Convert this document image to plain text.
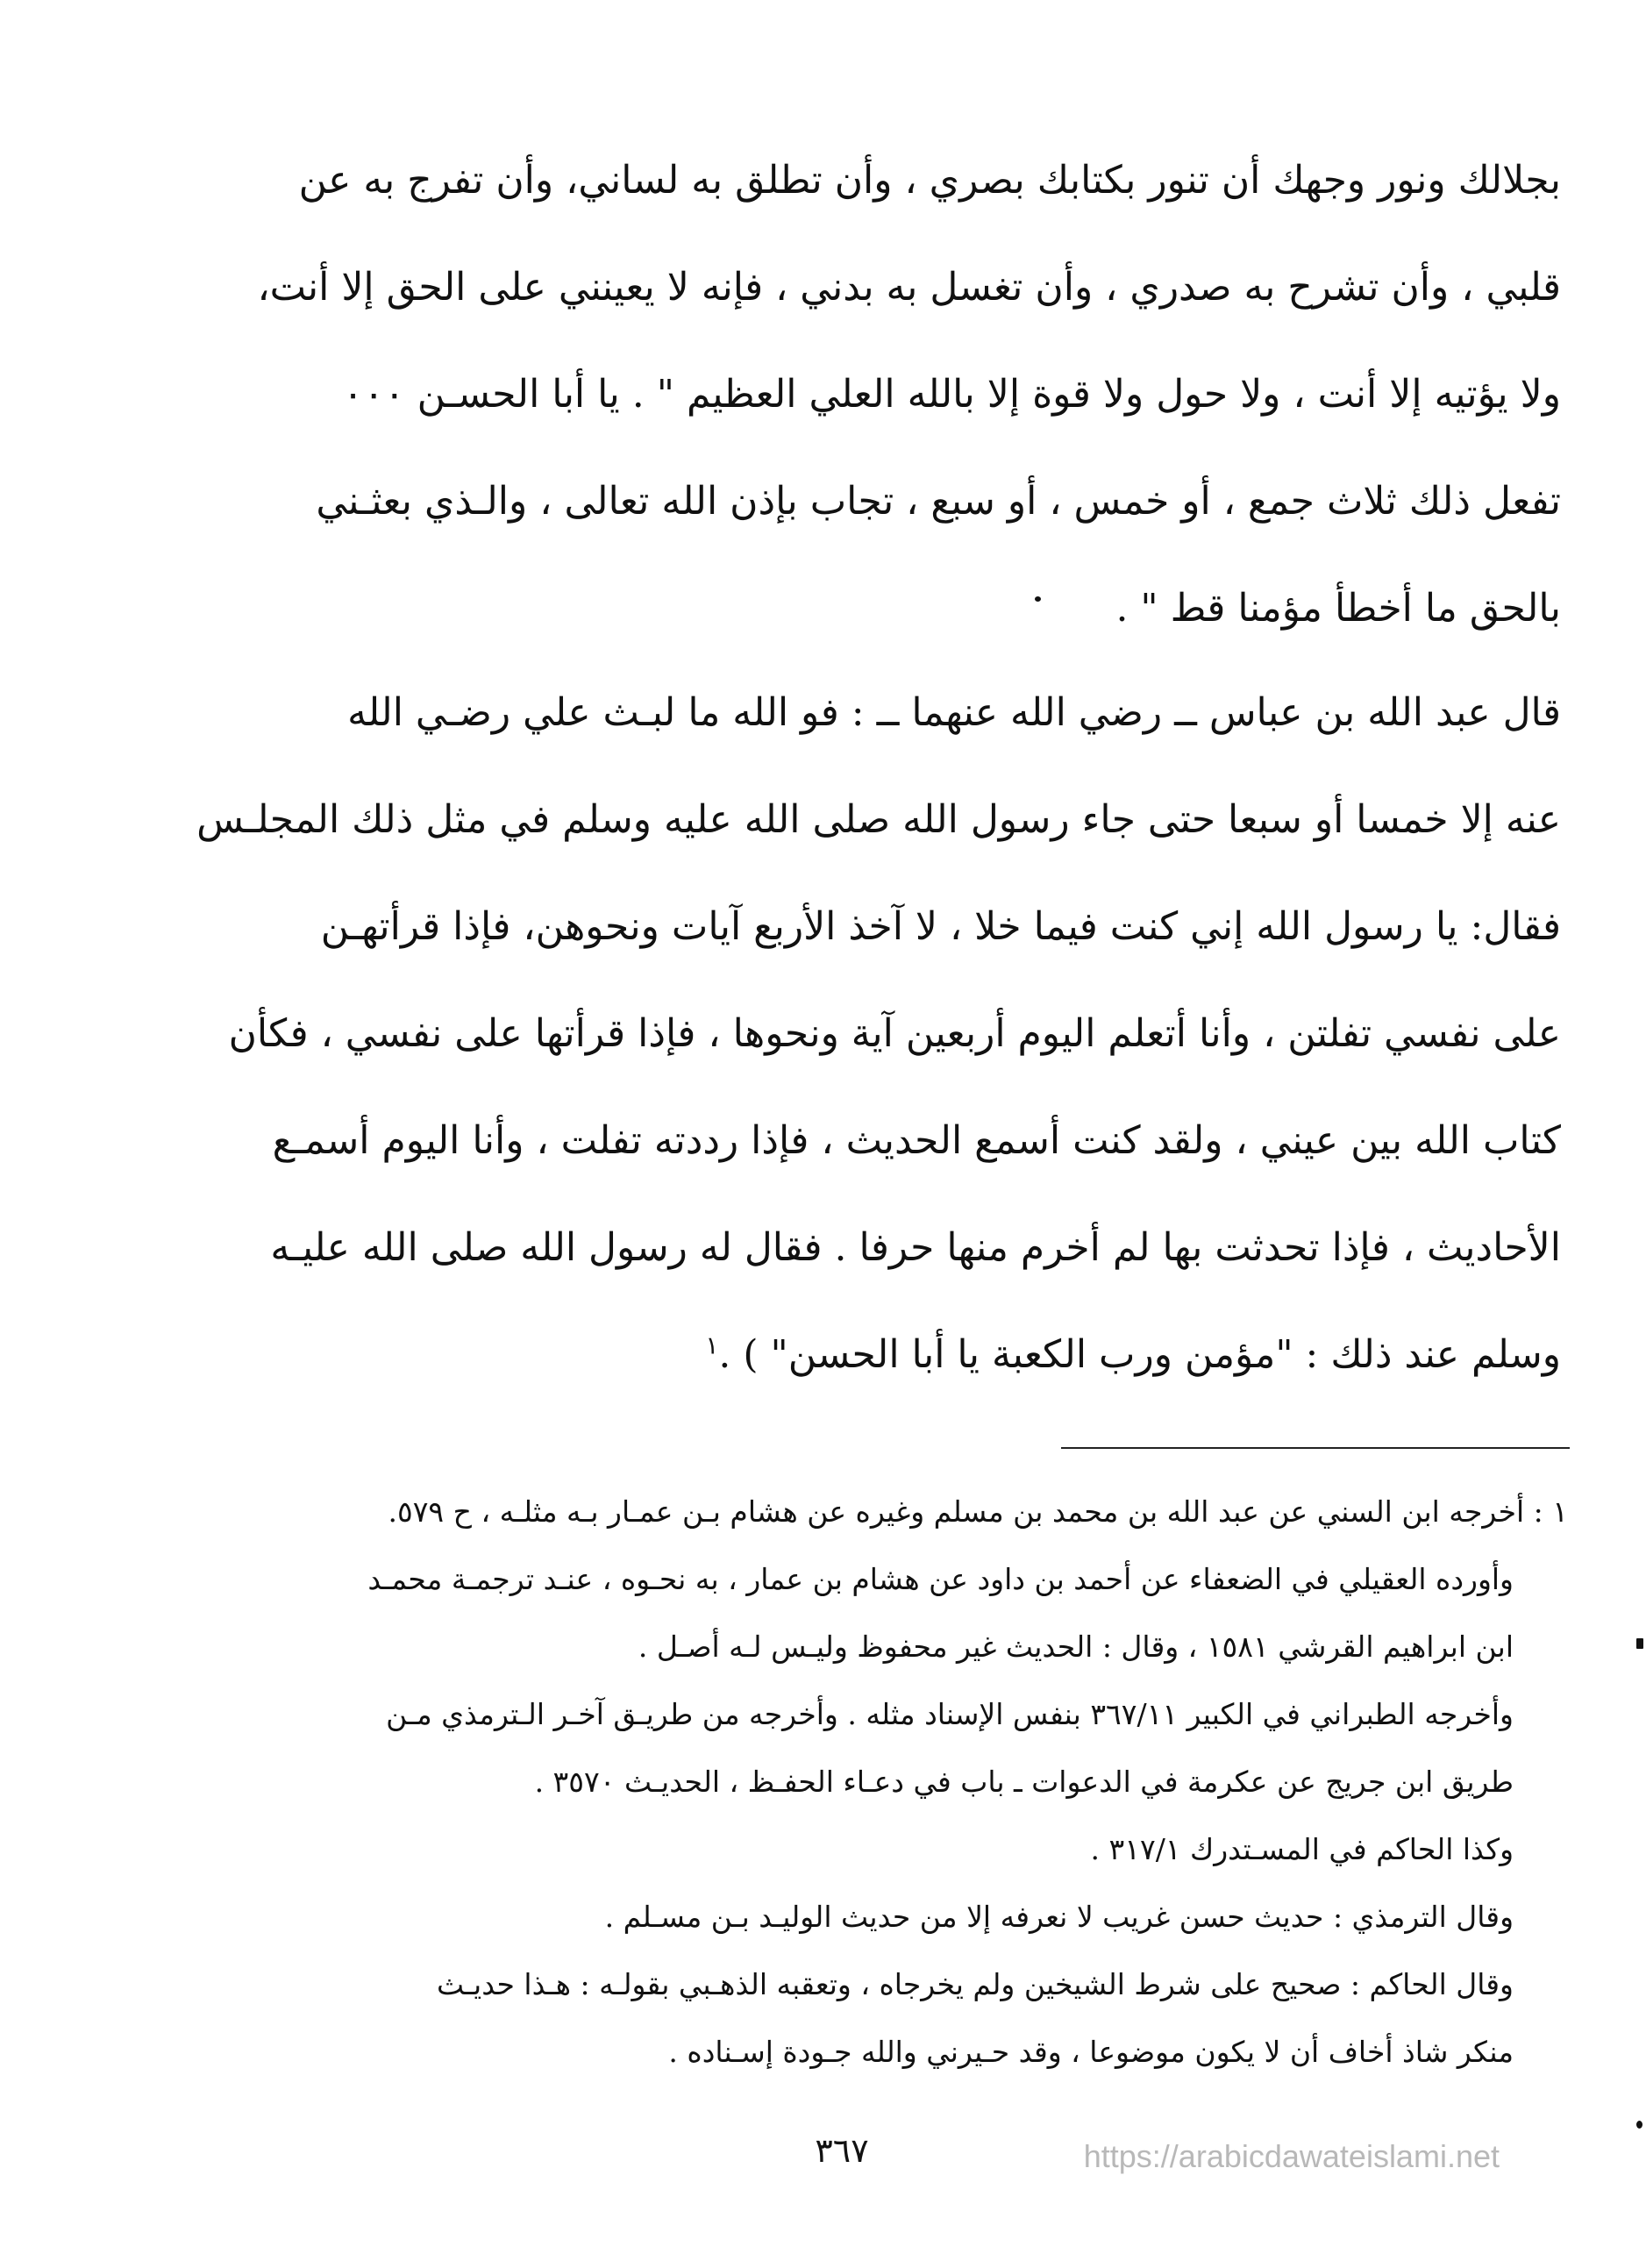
بجلالك ونور وجهك أن تنور بكتابك بصري ، وأن تطلق به لساني، وأن تفرج به عن
قلبي ، وأن تشرح به صدري ، وأن تغسل به بدني ، فإنه لا يعينني على الحق إلا أنت،
ولا يؤتيه إلا أنت ، ولا حول ولا قوة إلا بالله العلي العظيم " . يا أبا الحسـن ٠٠٠
تفعل ذلك ثلاث جمع ، أو خمس ، أو سبع ، تجاب بإذن الله تعالى ، والـذي بعثـني
بالحق ما أخطأ مؤمنا قط " .
قال عبد الله بن عباس ــ رضي الله عنهما ــ : فو الله ما لبـث علي رضـي الله
عنه إلا خمسا أو سبعا حتى جاء رسول الله صلى الله عليه وسلم في مثل ذلك المجلـس
فقال: يا رسول الله إني كنت فيما خلا ، لا آخذ الأربع آيات ونحوهن، فإذا قرأتهـن
على نفسي تفلتن ، وأنا أتعلم اليوم أربعين آية ونحوها ، فإذا قرأتها على نفسي ، فكأن
كتاب الله بين عيني ، ولقد كنت أسمع الحديث ، فإذا رددته تفلت ، وأنا اليوم أسمـع
الأحاديث ، فإذا تحدثت بها لم أخرم منها حرفا . فقال له رسول الله صلى الله عليـه
وسلم عند ذلك : "مؤمن ورب الكعبة يا أبا الحسن" ) .$^١$
١ : أخرجه ابن السني عن عبد الله بن محمد بن مسلم وغيره عن هشام بـن عمـار بـه مثلـه ، ح ٥٧٩.
وأورده العقيلي في الضعفاء عن أحمد بن داود عن هشام بن عمار ، به نحـوه ، عنـد ترجمـة محمـد
ابن ابراهيم القرشي ١٥٨١ ، وقال : الحديث غير محفوظ وليـس لـه أصـل .
وأخرجه الطبراني في الكبير ٣٦٧/١١ بنفس الإسناد مثله . وأخرجه من طريـق آخـر الـترمذي مـن
طريق ابن جريج عن عكرمة في الدعوات ـ باب في دعـاء الحفـظ ، الحديـث ٣٥٧٠ .
وكذا الحاكم في المسـتدرك ٣١٧/١ .
وقال الترمذي : حديث حسن غريب لا نعرفه إلا من حديث الوليـد بـن مسـلم .
وقال الحاكم : صحيح على شرط الشيخين ولم يخرجاه ، وتعقبه الذهـبي بقولـه : هـذا حديـث
منكر شاذ أخاف أن لا يكون موضوعا ، وقد حـيرني والله جـودة إسـناده .
٣٦٧	https://arabicdawateislami.net
